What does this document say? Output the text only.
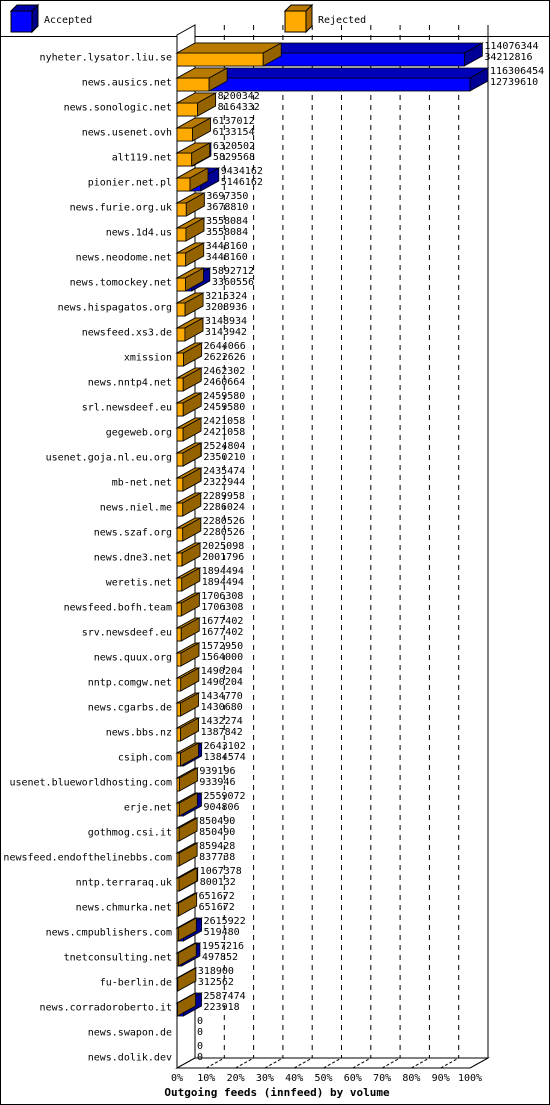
Accepted	Rejected
0% 10% 20% 30% 40% 50% 60% 70% 80% 90% 100%
nyheter.lysator.liu.se
114076344
34212816
news.ausics.net
116306454
12739610
news.sonologic.net
8200342
8164332
news.usenet.ovh
6137012
6133154
alt119.net
6320502
5829568
pionier.net.pl
9434162
5146162
news.furie.org.uk
3697350
3678810
news.1d4.us
3558084
3558084
news.neodome.net
3448160
3448160
news.tomockey.net
5892712
3360556
news.hispagatos.org
3215324
3208936
newsfeed.xs3.de
3148934
3143942
xmission
2644066
2622626
news.nntp4.net
2462302
2460664
srl.newsdeef.eu
2459580
2459580
gegeweb.org
2421058
2421058
usenet.goja.nl.eu.org
2524804
2350210
mb-net.net
2435474
2322944
news.niel.me
2289958
2286024
news.szaf.org
2280526
2280526
news.dne3.net
2025098
2001796
weretis.net
1894494
1894494
newsfeed.bofh.team
1706308
1706308
srv.newsdeef.eu
1677402
1677402
news.quux.org
1572950
1564000
nntp.comgw.net
1490204
1490204
news.cgarbs.de
1434770
1430680
news.bbs.nz
1432274
1387842
csiph.com
2643102
1384574
usenet.blueworldhosting.com
939196
933946
erje.net
2559072
904806
gothmog.csi.it
850490
850490
newsfeed.endofthelinebbs.com
859428
837738
nntp.terraraq.uk
1067378
800132
news.chmurka.net
651672
651672
news.cmpublishers.com
2615922
519480
tnetconsulting.net
1957216
497852
fu-berlin.de
318900
312562
news.corradoroberto.it
2587474
223918
news.swapon.de
0
0
news.dolik.dev
0
0
Outgoing feeds (innfeed) by volume
